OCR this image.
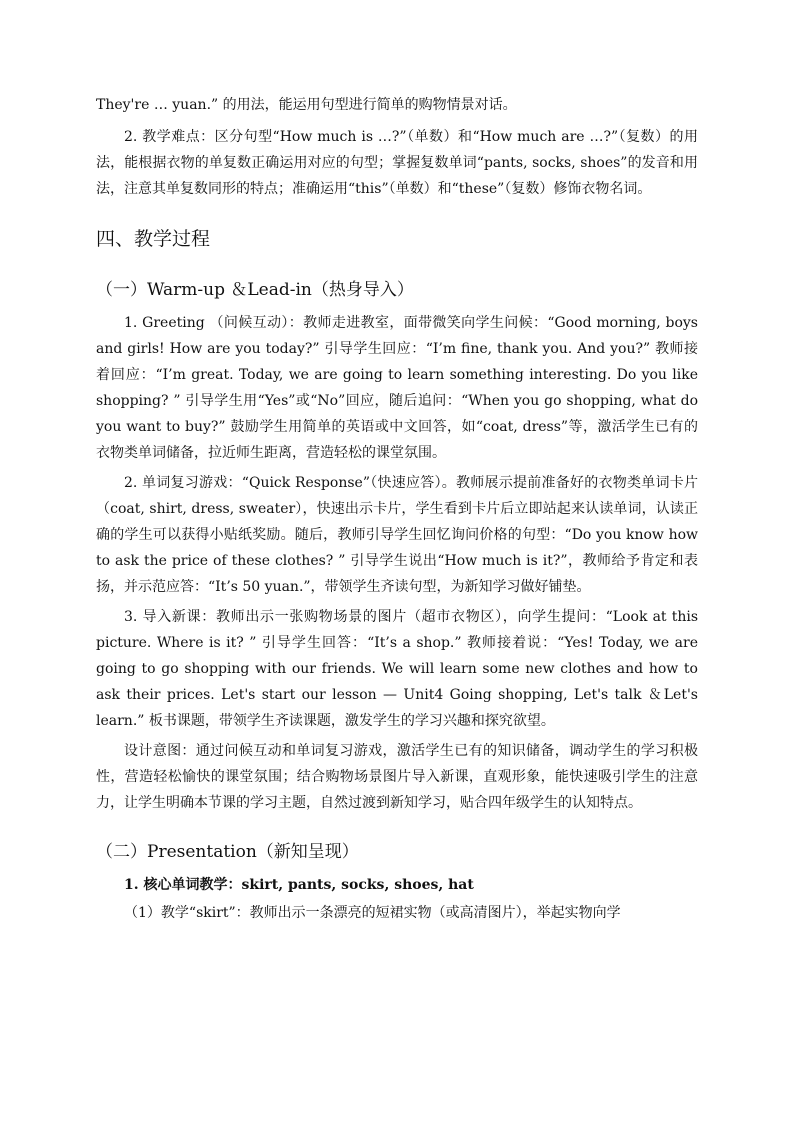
They're … yuan.” 的用法，能运用句型进行简单的购物情景对话。

2. 教学难点：区分句型“How much is …?”（单数）和“How much are …?”（复数）的用法，能根据衣物的单复数正确运用对应的句型；掌握复数单词“pants, socks, shoes”的发音和用法，注意其单复数同形的特点；准确运用“this”（单数）和“these”（复数）修饰衣物名词。

四、教学过程
（一）Warm-up ＆Lead-in（热身导入）

1. Greeting （问候互动）：教师走进教室，面带微笑向学生问候：“Good morning, boys and girls! How are you today?” 引导学生回应：“I’m fine, thank you. And you?” 教师接着回应：“I’m great. Today, we are going to learn something interesting. Do you like shopping? ” 引导学生用“Yes”或“No”回应，随后追问：“When you go shopping, what do you want to buy?” 鼓励学生用简单的英语或中文回答，如“coat, dress”等，激活学生已有的衣物类单词储备，拉近师生距离，营造轻松的课堂氛围。

2. 单词复习游戏：“Quick Response”（快速应答）。教师展示提前准备好的衣物类单词卡片（coat, shirt, dress, sweater），快速出示卡片，学生看到卡片后立即站起来认读单词，认读正确的学生可以获得小贴纸奖励。随后，教师引导学生回忆询问价格的句型：“Do you know how to ask the price of these clothes? ” 引导学生说出“How much is it?”，教师给予肯定和表扬，并示范应答：“It’s 50 yuan.”，带领学生齐读句型，为新知学习做好铺垫。

3. 导入新课：教师出示一张购物场景的图片（超市衣物区），向学生提问：“Look at this picture. Where is it? ” 引导学生回答：“It’s a shop.” 教师接着说：“Yes! Today, we are going to go shopping with our friends. We will learn some new clothes and how to ask their prices. Let's start our lesson — Unit4 Going shopping, Let's talk ＆Let's learn.” 板书课题，带领学生齐读课题，激发学生的学习兴趣和探究欲望。

设计意图：通过问候互动和单词复习游戏，激活学生已有的知识储备，调动学生的学习积极性，营造轻松愉快的课堂氛围；结合购物场景图片导入新课，直观形象，能快速吸引学生的注意力，让学生明确本节课的学习主题，自然过渡到新知学习，贴合四年级学生的认知特点。

（二）Presentation（新知呈现）
1. 核心单词教学：skirt, pants, socks, shoes, hat

（1）教学“skirt”：教师出示一条漂亮的短裙实物（或高清图片），举起实物向学
